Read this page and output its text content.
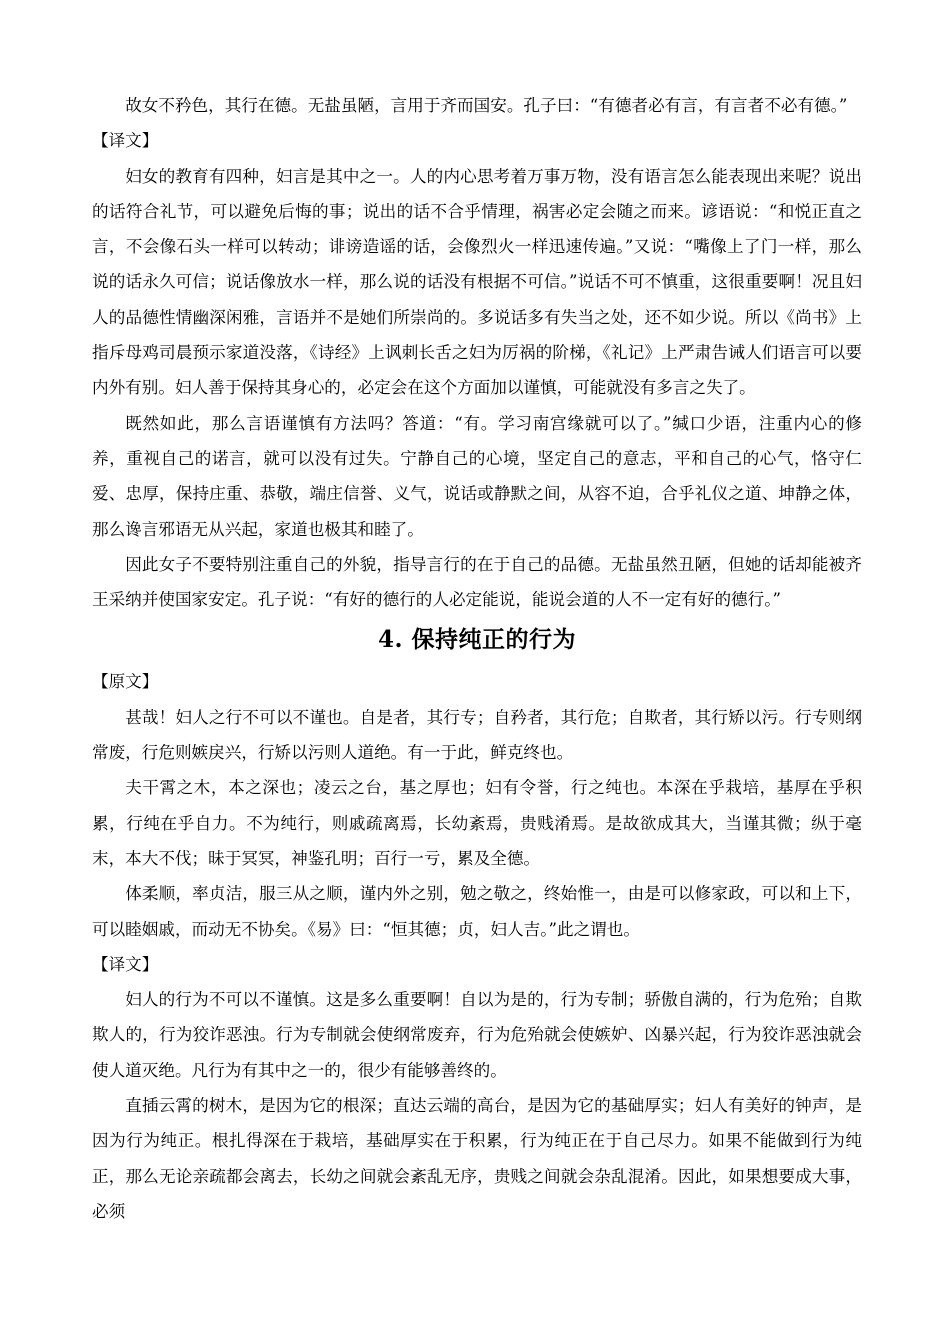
故女不矜色，其行在德。无盐虽陋，言用于齐而国安。孔子曰：“有德者必有言，有言者不必有德。”

【译文】

妇女的教育有四种，妇言是其中之一。人的内心思考着万事万物，没有语言怎么能表现出来呢？说出的话符合礼节，可以避免后悔的事；说出的话不合乎情理，祸害必定会随之而来。谚语说：“和悦正直之言，不会像石头一样可以转动；诽谤造谣的话，会像烈火一样迅速传遍。”又说：“嘴像上了门一样，那么说的话永久可信；说话像放水一样，那么说的话没有根据不可信。”说话不可不慎重，这很重要啊！况且妇人的品德性情幽深闲雅，言语并不是她们所崇尚的。多说话多有失当之处，还不如少说。所以《尚书》上指斥母鸡司晨预示家道没落，《诗经》上讽刺长舌之妇为厉祸的阶梯，《礼记》上严肃告诫人们语言可以要内外有别。妇人善于保持其身心的，必定会在这个方面加以谨慎，可能就没有多言之失了。

既然如此，那么言语谨慎有方法吗？答道：“有。学习南宫缘就可以了。”缄口少语，注重内心的修养，重视自己的诺言，就可以没有过失。宁静自己的心境，坚定自己的意志，平和自己的心气，恪守仁爱、忠厚，保持庄重、恭敬，端庄信誉、义气，说话或静默之间，从容不迫，合乎礼仪之道、坤静之体，那么谗言邪语无从兴起，家道也极其和睦了。

因此女子不要特别注重自己的外貌，指导言行的在于自己的品德。无盐虽然丑陋，但她的话却能被齐王采纳并使国家安定。孔子说：“有好的德行的人必定能说，能说会道的人不一定有好的德行。”

4. 保持纯正的行为

【原文】

甚哉！妇人之行不可以不谨也。自是者，其行专；自矜者，其行危；自欺者，其行矫以污。行专则纲常废，行危则嫉戾兴，行矫以污则人道绝。有一于此，鲜克终也。

夫干霄之木，本之深也；凌云之台，基之厚也；妇有令誉，行之纯也。本深在乎栽培，基厚在乎积累，行纯在乎自力。不为纯行，则戚疏离焉，长幼紊焉，贵贱淆焉。是故欲成其大，当谨其微；纵于毫末，本大不伐；昧于冥冥，神鉴孔明；百行一亏，累及全德。

体柔顺，率贞洁，服三从之顺，谨内外之别，勉之敬之，终始惟一，由是可以修家政，可以和上下，可以睦姻戚，而动无不协矣。《易》曰：“恒其德；贞，妇人吉。”此之谓也。

【译文】

妇人的行为不可以不谨慎。这是多么重要啊！自以为是的，行为专制；骄傲自满的，行为危殆；自欺欺人的，行为狡诈恶浊。行为专制就会使纲常废弃，行为危殆就会使嫉妒、凶暴兴起，行为狡诈恶浊就会使人道灭绝。凡行为有其中之一的，很少有能够善终的。

直插云霄的树木，是因为它的根深；直达云端的高台，是因为它的基础厚实；妇人有美好的钟声，是因为行为纯正。根扎得深在于栽培，基础厚实在于积累，行为纯正在于自己尽力。如果不能做到行为纯正，那么无论亲疏都会离去，长幼之间就会紊乱无序，贵贱之间就会杂乱混淆。因此，如果想要成大事，必须
